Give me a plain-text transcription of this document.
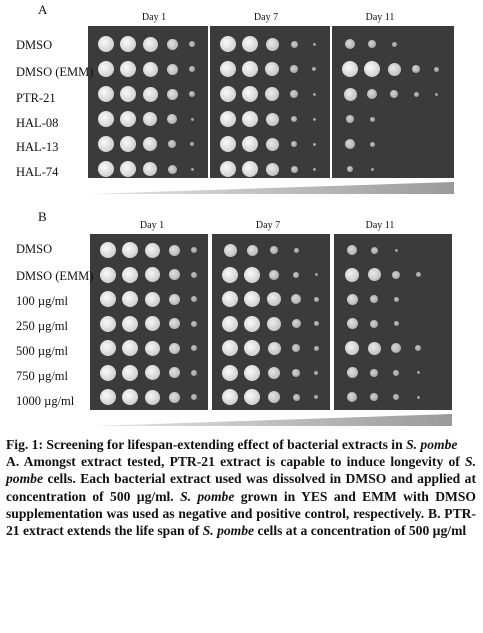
A
Day 1	Day 7	Day 11
DMSO
DMSO (EMM)
PTR-21
HAL-08
HAL-13
HAL-74
B
Day 1	Day 7	Day 11
DMSO
DMSO (EMM)
100 µg/ml
250 µg/ml
500 µg/ml
750 µg/ml
1000 µg/ml
Fig. 1: Screening for lifespan-extending effect of bacterial extracts in S. pombe
A. Amongst extract tested, PTR-21 extract is capable to induce longevity of S. pombe cells. Each bacterial extract used was dissolved in DMSO and applied at concentration of 500 µg/ml. S. pombe grown in YES and EMM with DMSO supplementation was used as negative and positive control, respectively. B. PTR-21 extract extends the life span of S. pombe cells at a concentration of 500 µg/ml
